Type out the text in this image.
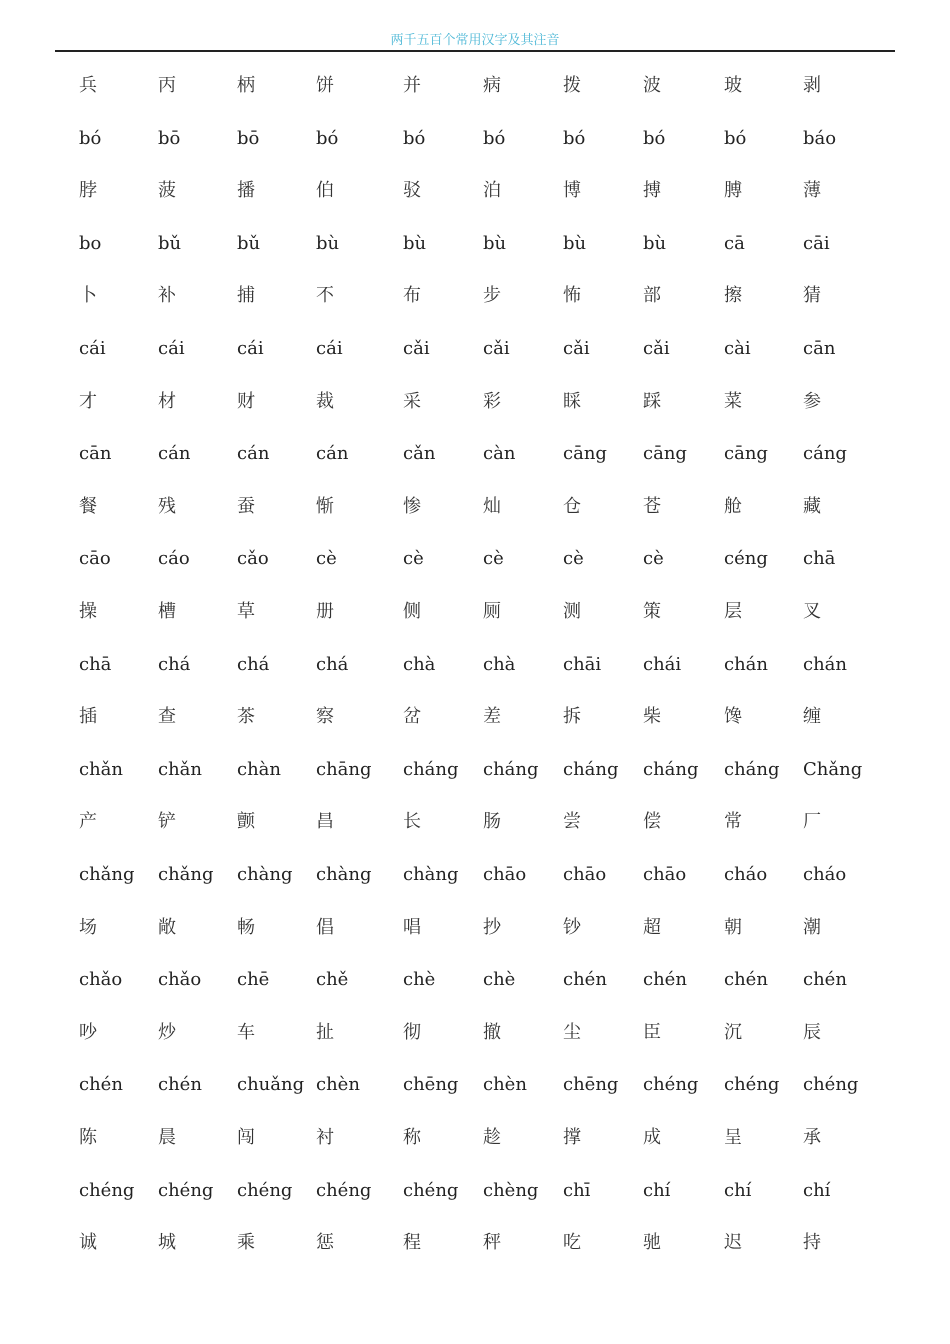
两千五百个常用汉字及其注音
兵	丙	柄	饼	并	病	拨	波	玻	剥
bó	bō	bō	bó	bó	bó	bó	bó	bó	báo
脖	菠	播	伯	驳	泊	博	搏	膊	薄
bo	bǔ	bǔ	bù	bù	bù	bù	bù	cā	cāi
卜	补	捕	不	布	步	怖	部	擦	猜
cái	cái	cái	cái	cǎi	cǎi	cǎi	cǎi	cài	cān
才	材	财	裁	采	彩	睬	踩	菜	参
cān	cán	cán	cán	cǎn	càn	cāng cāng cāng cáng
餐	残	蚕	惭	惨	灿	仓	苍	舱	藏
cāo	cáo	cǎo	cè	cè	cè	cè	cè	céng chā
操	槽	草	册	侧	厕	测	策	层	叉
chā	chá	chá	chá	chà	chà	chāi chái chán chán
插	查	茶	察	岔	差	拆	柴	馋	缠
chǎn chǎn chàn chāng cháng cháng cháng cháng cháng Chǎng
产	铲	颤	昌	长	肠	尝	偿	常	厂
chǎng chǎng chàng chàng chàng chāo chāo chāo cháo cháo
场	敞	畅	倡	唱	抄	钞	超	朝	潮
chǎo chǎo chē	chě	chè	chè	chén chén chén chén
吵	炒	车	扯	彻	撤	尘	臣	沉	辰
chén chén chuǎng chèn chēng chèn chēng chéng chéng chéng
陈	晨	闯	衬	称	趁	撑	成	呈	承
chéng chéng chéng chéng chéng chèng chī	chí	chí	chí
诚	城	乘	惩	程	秤	吃	驰	迟	持
